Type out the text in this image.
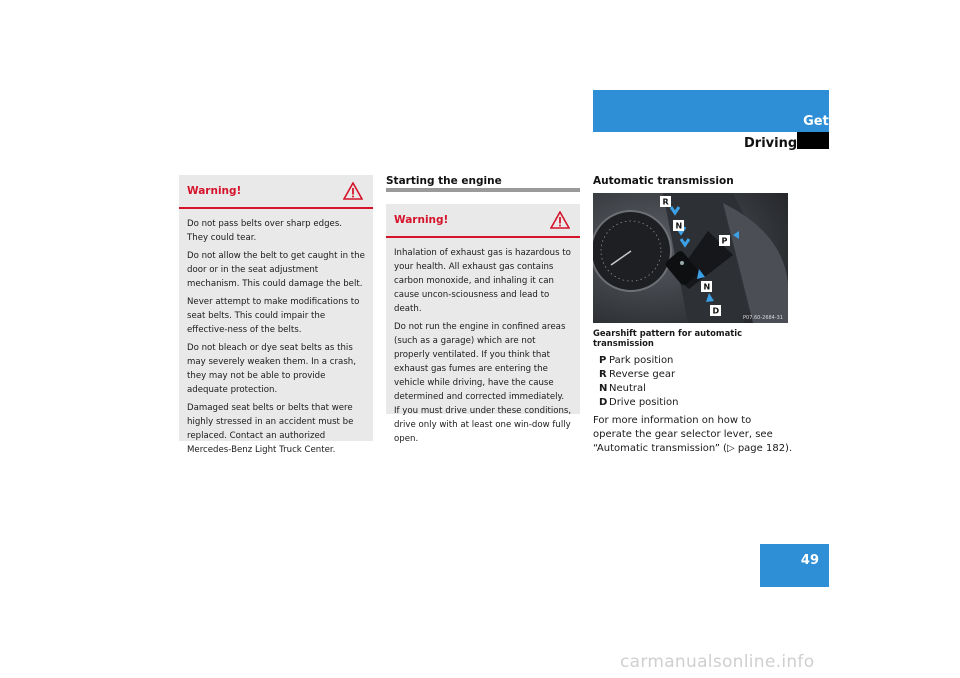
Getting started
Driving
Warning!

Do not pass belts over sharp edges. They could tear.

Do not allow the belt to get caught in the door or in the seat adjustment mechanism. This could damage the belt.

Never attempt to make modifications to seat belts. This could impair the effective-ness of the belts.

Do not bleach or dye seat belts as this may severely weaken them. In a crash, they may not be able to provide adequate protection.

Damaged seat belts or belts that were highly stressed in an accident must be replaced. Contact an authorized Mercedes-Benz Light Truck Center.

Starting the engine
Warning!

Inhalation of exhaust gas is hazardous to your health. All exhaust gas contains carbon monoxide, and inhaling it can cause uncon-sciousness and lead to death.

Do not run the engine in confined areas (such as a garage) which are not properly ventilated. If you think that exhaust gas fumes are entering the vehicle while driving, have the cause determined and corrected immediately. If you must drive under these conditions, drive only with at least one win-dow fully open.

Automatic transmission
R
N
P
N
D
P07.60-2684-31
Gearshift pattern for automatic transmission
P Park position
R Reverse gear
N Neutral
D Drive position
For more information on how to operate the gear selector lever, see “Automatic transmission” (▷ page 182).
49
carmanualsonline.info
